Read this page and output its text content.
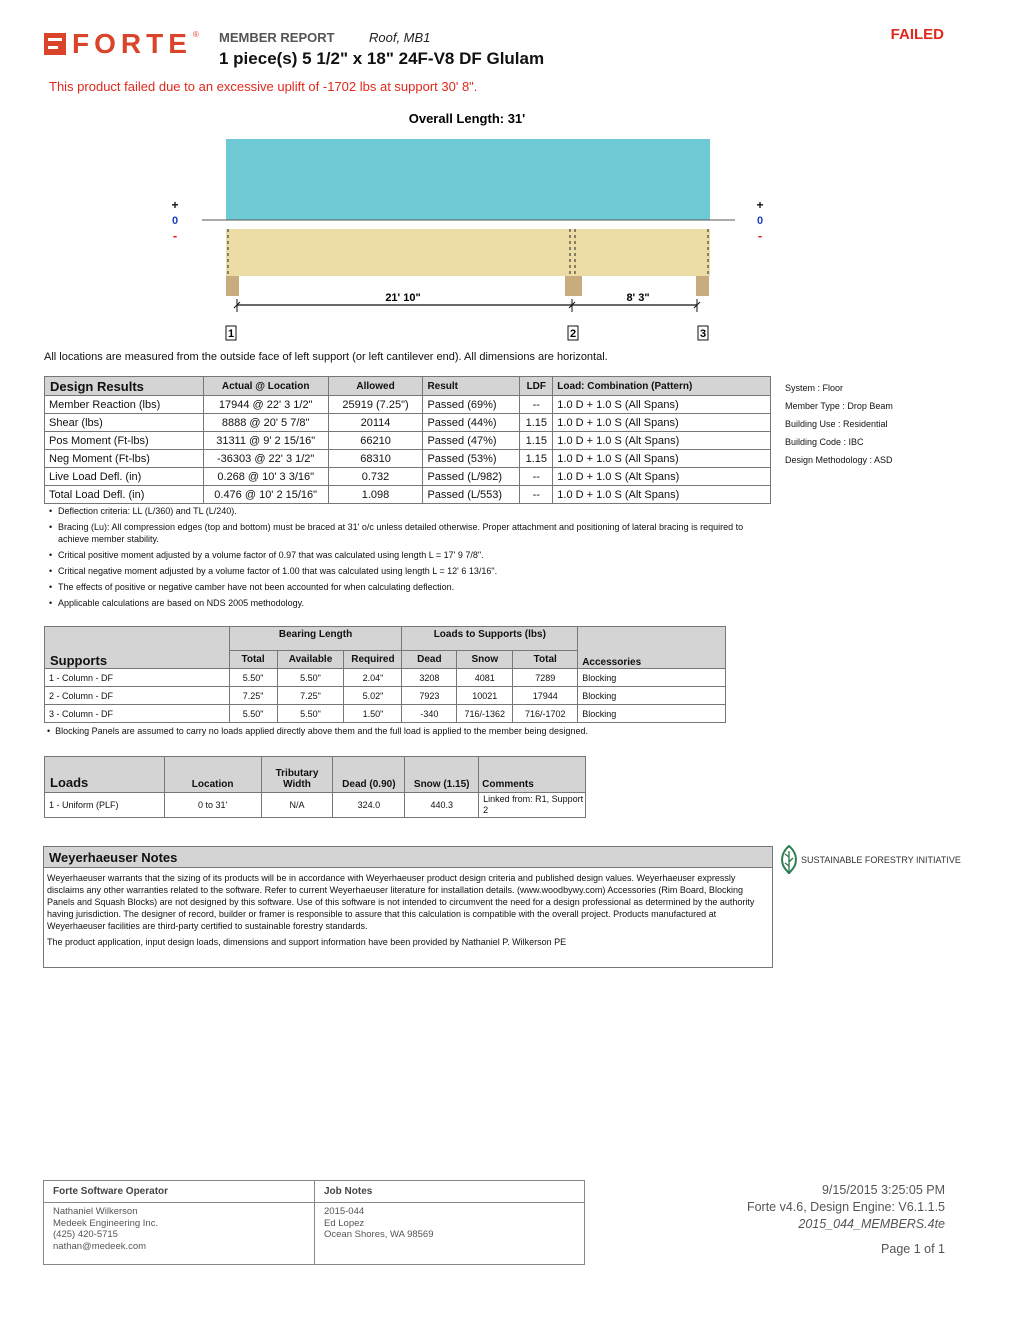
FORTE ® MEMBER REPORT	Roof, MB1
1 piece(s) 5 1/2" x 18" 24F-V8 DF Glulam
FAILED
This product failed due to an excessive uplift of -1702 lbs at support 30' 8".
Overall Length: 31'
21' 10"	8' 3"
1	2	3
+
0
-
+
0
-
All locations are measured from the outside face of left support (or left cantilever end). All dimensions are horizontal.
Design Results	Actual @ Location	Allowed	Result	LDF	Load: Combination (Pattern)
Member Reaction (lbs)	17944 @ 22' 3 1/2"	25919 (7.25")	Passed (69%)	--	1.0 D + 1.0 S (All Spans)
Shear (lbs)	8888 @ 20' 5 7/8"	20114	Passed (44%)	1.15	1.0 D + 1.0 S (All Spans)
Pos Moment (Ft-lbs)	31311 @ 9' 2 15/16"	66210	Passed (47%)	1.15	1.0 D + 1.0 S (Alt Spans)
Neg Moment (Ft-lbs)	-36303 @ 22' 3 1/2"	68310	Passed (53%)	1.15	1.0 D + 1.0 S (All Spans)
Live Load Defl. (in)	0.268 @ 10' 3 3/16"	0.732	Passed (L/982)	--	1.0 D + 1.0 S (Alt Spans)
Total Load Defl. (in)	0.476 @ 10' 2 15/16"	1.098	Passed (L/553)	--	1.0 D + 1.0 S (Alt Spans)
System : Floor
Member Type : Drop Beam
Building Use : Residential
Building Code : IBC
Design Methodology : ASD
• Deflection criteria: LL (L/360) and TL (L/240).
• Bracing (Lu): All compression edges (top and bottom) must be braced at 31' o/c unless detailed otherwise. Proper attachment and positioning of lateral bracing is required to achieve member stability.
• Critical positive moment adjusted by a volume factor of 0.97 that was calculated using length L = 17' 9 7/8".
• Critical negative moment adjusted by a volume factor of 1.00 that was calculated using length L = 12' 6 13/16".
• The effects of positive or negative camber have not been accounted for when calculating deflection.
• Applicable calculations are based on NDS 2005 methodology.
Supports	Bearing Length			Loads to Supports (lbs)			Accessories
	Total	Available	Required	Dead	Snow	Total	
1 - Column - DF	5.50"	5.50"	2.04"	3208	4081	7289	Blocking
2 - Column - DF	7.25"	7.25"	5.02"	7923	10021	17944	Blocking
3 - Column - DF	5.50"	5.50"	1.50"	-340	716/-1362	716/-1702	Blocking
•  Blocking Panels are assumed to carry no loads applied directly above them and the full load is applied to the member being designed.
Loads	Location	Tributary Width	Dead (0.90)	Snow (1.15)	Comments
1 - Uniform (PLF)	0 to 31'	N/A	324.0	440.3	Linked from: R1, Support 2
Weyerhaeuser Notes

Weyerhaeuser warrants that the sizing of its products will be in accordance with Weyerhaeuser product design criteria and published design values. Weyerhaeuser expressly disclaims any other warranties related to the software. Refer to current Weyerhaeuser literature for installation details. (www.woodbywy.com) Accessories (Rim Board, Blocking Panels and Squash Blocks) are not designed by this software. Use of this software is not intended to circumvent the need for a design professional as determined by the authority having jurisdiction. The designer of record, builder or framer is responsible to assure that this calculation is compatible with the overall project. Products manufactured at Weyerhaeuser facilities are third-party certified to sustainable forestry standards.

The product application, input design loads, dimensions and support information have been provided by Nathaniel P. Wilkerson PE

SUSTAINABLE FORESTRY INITIATIVE
Forte Software Operator
Nathaniel Wilkerson
Medeek Engineering Inc.
(425) 420-5715
nathan@medeek.com
Job Notes
2015-044
Ed Lopez
Ocean Shores, WA 98569
9/15/2015 3:25:05 PM
Forte v4.6, Design Engine: V6.1.1.5
2015_044_MEMBERS.4te
Page 1 of 1
